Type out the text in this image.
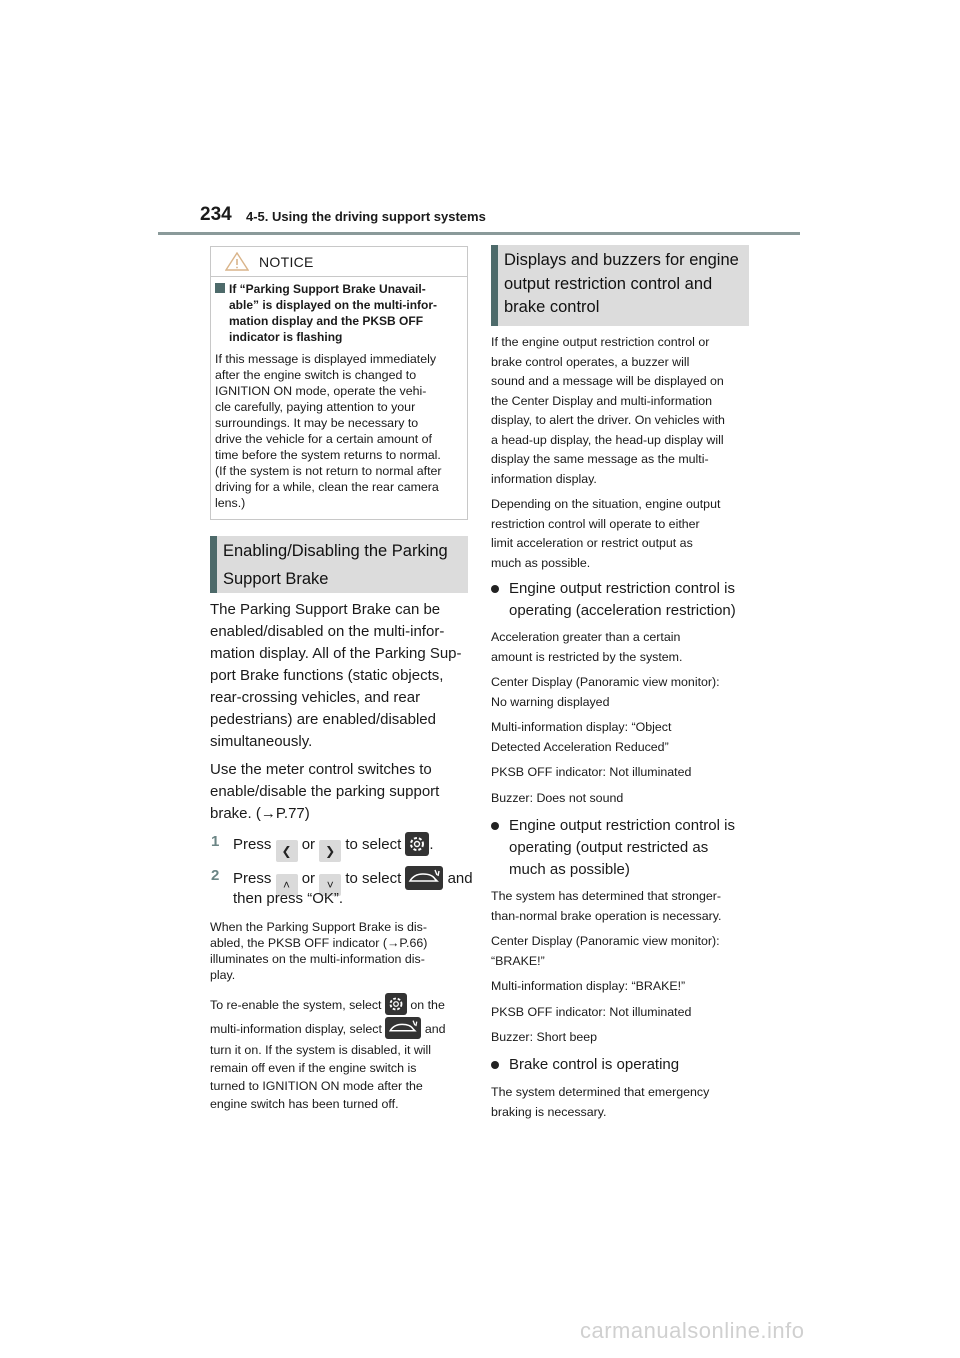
234 4-5. Using the driving support systems
NOTICE
If “Parking Support Brake Unavail-
able” is displayed on the multi-infor-
mation display and the PKSB OFF
indicator is flashing
If this message is displayed immediately
after the engine switch is changed to
IGNITION ON mode, operate the vehi-
cle carefully, paying attention to your
surroundings. It may be necessary to
drive the vehicle for a certain amount of
time before the system returns to normal.
(If the system is not return to normal after
driving for a while, clean the rear camera
lens.)
Enabling/Disabling the Parking
Support Brake
The Parking Support Brake can be
enabled/disabled on the multi-infor-
mation display. All of the Parking Sup-
port Brake functions (static objects,
rear-crossing vehicles, and rear
pedestrians) are enabled/disabled
simultaneously.
Use the meter control switches to
enable/disable the parking support
brake. (→P.77)
1 Press ❮ or ❯ to select .
2 Press ˄ or ˅ to select	and
then press “OK”.
When the Parking Support Brake is dis-
abled, the PKSB OFF indicator (→P.66)
illuminates on the multi-information dis-
play.
To re-enable the system, select on the
multi-information display, select	and
turn it on. If the system is disabled, it will
remain off even if the engine switch is
turned to IGNITION ON mode after the
engine switch has been turned off.
Displays and buzzers for engine
output restriction control and
brake control
If the engine output restriction control or
brake control operates, a buzzer will
sound and a message will be displayed on
the Center Display and multi-information
display, to alert the driver. On vehicles with
a head-up display, the head-up display will
display the same message as the multi-
information display.
Depending on the situation, engine output
restriction control will operate to either
limit acceleration or restrict output as
much as possible.
Engine output restriction control is
operating (acceleration restriction)
Acceleration greater than a certain
amount is restricted by the system.
Center Display (Panoramic view monitor):
No warning displayed
Multi-information display: “Object
Detected Acceleration Reduced”
PKSB OFF indicator: Not illuminated
Buzzer: Does not sound
Engine output restriction control is
operating (output restricted as
much as possible)
The system has determined that stronger-
than-normal brake operation is necessary.
Center Display (Panoramic view monitor):
“BRAKE!”
Multi-information display: “BRAKE!”
PKSB OFF indicator: Not illuminated
Buzzer: Short beep
Brake control is operating
The system determined that emergency
braking is necessary.
carmanualsonline.info
